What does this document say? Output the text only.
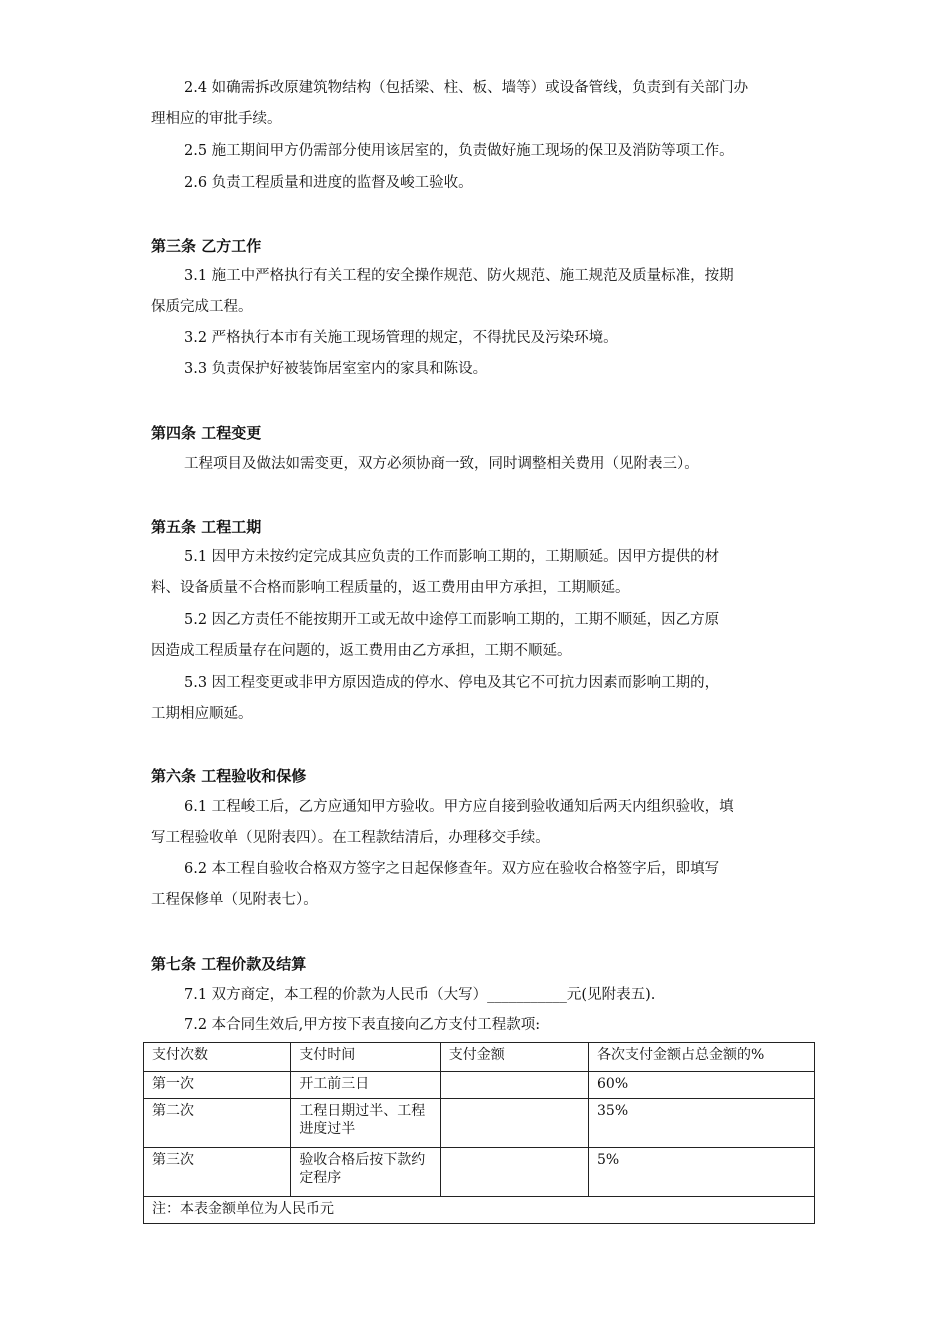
2.4 如确需拆改原建筑物结构（包括梁、柱、板、墙等）或设备管线，负责到有关部门办
理相应的审批手续。
2.5 施工期间甲方仍需部分使用该居室的，负责做好施工现场的保卫及消防等项工作。
2.6 负责工程质量和进度的监督及峻工验收。
第三条 乙方工作
3.1 施工中严格执行有关工程的安全操作规范、防火规范、施工规范及质量标准，按期
保质完成工程。
3.2 严格执行本市有关施工现场管理的规定，不得扰民及污染环境。
3.3 负责保护好被装饰居室室内的家具和陈设。
第四条 工程变更
工程项目及做法如需变更，双方必须协商一致，同时调整相关费用（见附表三）。
第五条 工程工期
5.1 因甲方未按约定完成其应负责的工作而影响工期的，工期顺延。因甲方提供的材
料、设备质量不合格而影响工程质量的，返工费用由甲方承担，工期顺延。
5.2 因乙方责任不能按期开工或无故中途停工而影响工期的，工期不顺延，因乙方原
因造成工程质量存在问题的，返工费用由乙方承担，工期不顺延。
5.3 因工程变更或非甲方原因造成的停水、停电及其它不可抗力因素而影响工期的，
工期相应顺延。
第六条 工程验收和保修
6.1 工程峻工后，乙方应通知甲方验收。甲方应自接到验收通知后两天内组织验收，填
写工程验收单（见附表四）。在工程款结清后，办理移交手续。
6.2 本工程自验收合格双方签字之日起保修查年。双方应在验收合格签字后，即填写
工程保修单（见附表七）。
第七条 工程价款及结算
7.1 双方商定，本工程的价款为人民币（大写）___________元(见附表五).
7.2 本合同生效后,甲方按下表直接向乙方支付工程款项:
支付次数	支付时间	支付金额	各次支付金额占总金额的%
第一次	开工前三日		60%
第二次	工程日期过半、工程进度过半		35%
第三次	验收合格后按下款约定程序		5%
注：本表金额单位为人民币元			
